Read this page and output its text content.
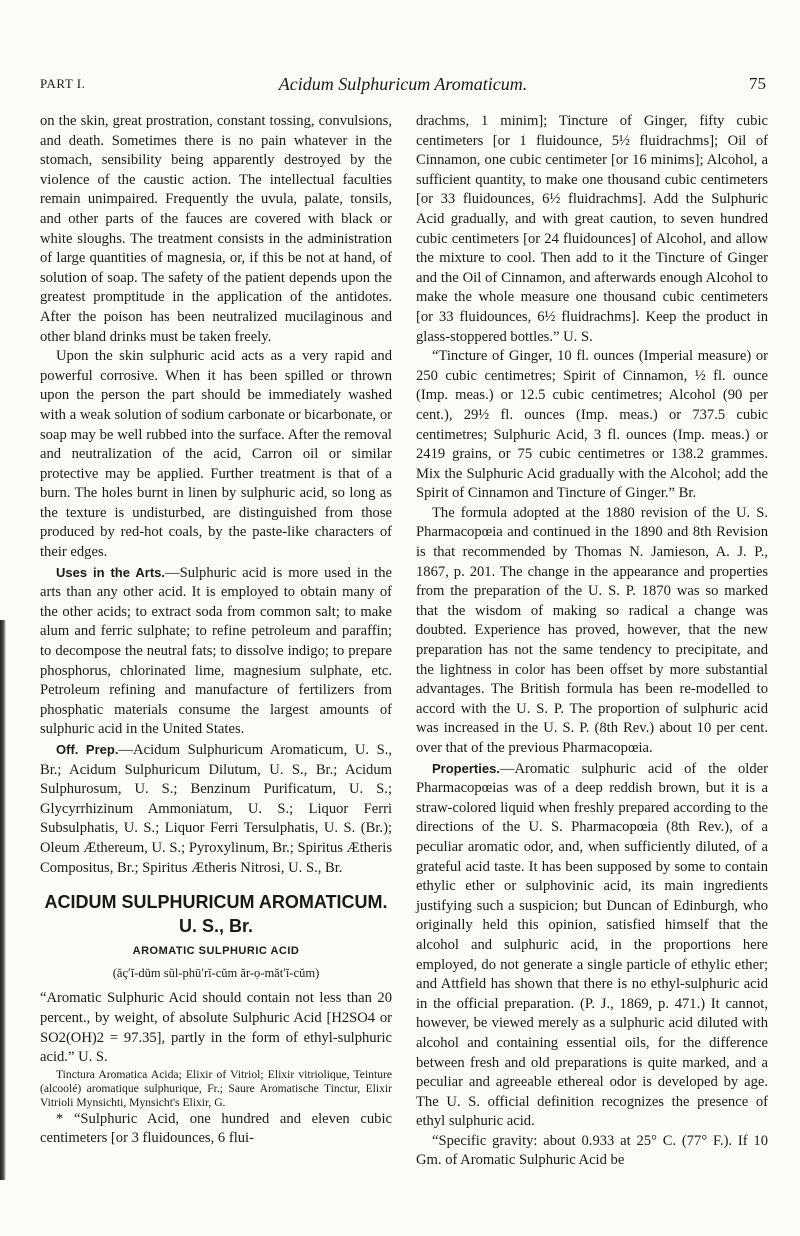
PART I.	Acidum Sulphuricum Aromaticum.	75

on the skin, great prostration, constant tossing, convulsions, and death. Sometimes there is no pain whatever in the stomach, sensibility being apparently destroyed by the violence of the caustic action. The intellectual faculties remain unimpaired. Frequently the uvula, palate, tonsils, and other parts of the fauces are covered with black or white sloughs. The treatment consists in the administration of large quantities of magnesia, or, if this be not at hand, of solution of soap. The safety of the patient depends upon the greatest promptitude in the application of the antidotes. After the poison has been neutralized mucilaginous and other bland drinks must be taken freely.

Upon the skin sulphuric acid acts as a very rapid and powerful corrosive. When it has been spilled or thrown upon the person the part should be immediately washed with a weak solution of sodium carbonate or bicarbonate, or soap may be well rubbed into the surface. After the removal and neutralization of the acid, Carron oil or similar protective may be applied. Further treatment is that of a burn. The holes burnt in linen by sulphuric acid, so long as the texture is undisturbed, are distinguished from those produced by red-hot coals, by the paste-like characters of their edges.

Uses in the Arts.—Sulphuric acid is more used in the arts than any other acid. It is employed to obtain many of the other acids; to extract soda from common salt; to make alum and ferric sulphate; to refine petroleum and paraffin; to decompose the neutral fats; to dissolve indigo; to prepare phosphorus, chlorinated lime, magnesium sulphate, etc. Petroleum refining and manufacture of fertilizers from phosphatic materials consume the largest amounts of sulphuric acid in the United States.

Off. Prep.—Acidum Sulphuricum Aromaticum, U. S., Br.; Acidum Sulphuricum Dilutum, U. S., Br.; Acidum Sulphurosum, U. S.; Benzinum Purificatum, U. S.; Glycyrrhizinum Ammoniatum, U. S.; Liquor Ferri Subsulphatis, U. S.; Liquor Ferri Tersulphatis, U. S. (Br.); Oleum Æthereum, U. S.; Pyroxylinum, Br.; Spiritus Ætheris Compositus, Br.; Spiritus Ætheris Nitrosi, U. S., Br.

ACIDUM SULPHURICUM AROMATICUM. U. S., Br.
AROMATIC SULPHURIC ACID
(ăç′ĭ-dŭm sŭl-phū′rĭ-cŭm ăr-ọ-măt′ĭ-cŭm)

“Aromatic Sulphuric Acid should contain not less than 20 percent., by weight, of absolute Sulphuric Acid [H2SO4 or SO2(OH)2 = 97.35], partly in the form of ethyl-sulphuric acid.” U. S.

Tinctura Aromatica Acida; Elixir of Vitriol; Elixir vitriolique, Teinture (alcoolé) aromatique sulphurique, Fr.; Saure Aromatische Tinctur, Elixir Vitrioli Mynsichti, Mynsicht's Elixir, G.

* “Sulphuric Acid, one hundred and eleven cubic centimeters [or 3 fluidounces, 6 flui-

drachms, 1 minim]; Tincture of Ginger, fifty cubic centimeters [or 1 fluidounce, 5½ fluidrachms]; Oil of Cinnamon, one cubic centimeter [or 16 minims]; Alcohol, a sufficient quantity, to make one thousand cubic centimeters [or 33 fluidounces, 6½ fluidrachms]. Add the Sulphuric Acid gradually, and with great caution, to seven hundred cubic centimeters [or 24 fluidounces] of Alcohol, and allow the mixture to cool. Then add to it the Tincture of Ginger and the Oil of Cinnamon, and afterwards enough Alcohol to make the whole measure one thousand cubic centimeters [or 33 fluidounces, 6½ fluidrachms]. Keep the product in glass-stoppered bottles.” U. S.

“Tincture of Ginger, 10 fl. ounces (Imperial measure) or 250 cubic centimetres; Spirit of Cinnamon, ½ fl. ounce (Imp. meas.) or 12.5 cubic centimetres; Alcohol (90 per cent.), 29½ fl. ounces (Imp. meas.) or 737.5 cubic centimetres; Sulphuric Acid, 3 fl. ounces (Imp. meas.) or 2419 grains, or 75 cubic centimetres or 138.2 grammes. Mix the Sulphuric Acid gradually with the Alcohol; add the Spirit of Cinnamon and Tincture of Ginger.” Br.

The formula adopted at the 1880 revision of the U. S. Pharmacopœia and continued in the 1890 and 8th Revision is that recommended by Thomas N. Jamieson, A. J. P., 1867, p. 201. The change in the appearance and properties from the preparation of the U. S. P. 1870 was so marked that the wisdom of making so radical a change was doubted. Experience has proved, however, that the new preparation has not the same tendency to precipitate, and the lightness in color has been offset by more substantial advantages. The British formula has been re-modelled to accord with the U. S. P. The proportion of sulphuric acid was increased in the U. S. P. (8th Rev.) about 10 per cent. over that of the previous Pharmacopœia.

Properties.—Aromatic sulphuric acid of the older Pharmacopœias was of a deep reddish brown, but it is a straw-colored liquid when freshly prepared according to the directions of the U. S. Pharmacopœia (8th Rev.), of a peculiar aromatic odor, and, when sufficiently diluted, of a grateful acid taste. It has been supposed by some to contain ethylic ether or sulphovinic acid, its main ingredients justifying such a suspicion; but Duncan of Edinburgh, who originally held this opinion, satisfied himself that the alcohol and sulphuric acid, in the proportions here employed, do not generate a single particle of ethylic ether; and Attfield has shown that there is no ethyl-sulphuric acid in the official preparation. (P. J., 1869, p. 471.) It cannot, however, be viewed merely as a sulphuric acid diluted with alcohol and containing essential oils, for the difference between fresh and old preparations is quite marked, and a peculiar and agreeable ethereal odor is developed by age. The U. S. official definition recognizes the presence of ethyl sulphuric acid.

“Specific gravity: about 0.933 at 25° C. (77° F.). If 10 Gm. of Aromatic Sulphuric Acid be
